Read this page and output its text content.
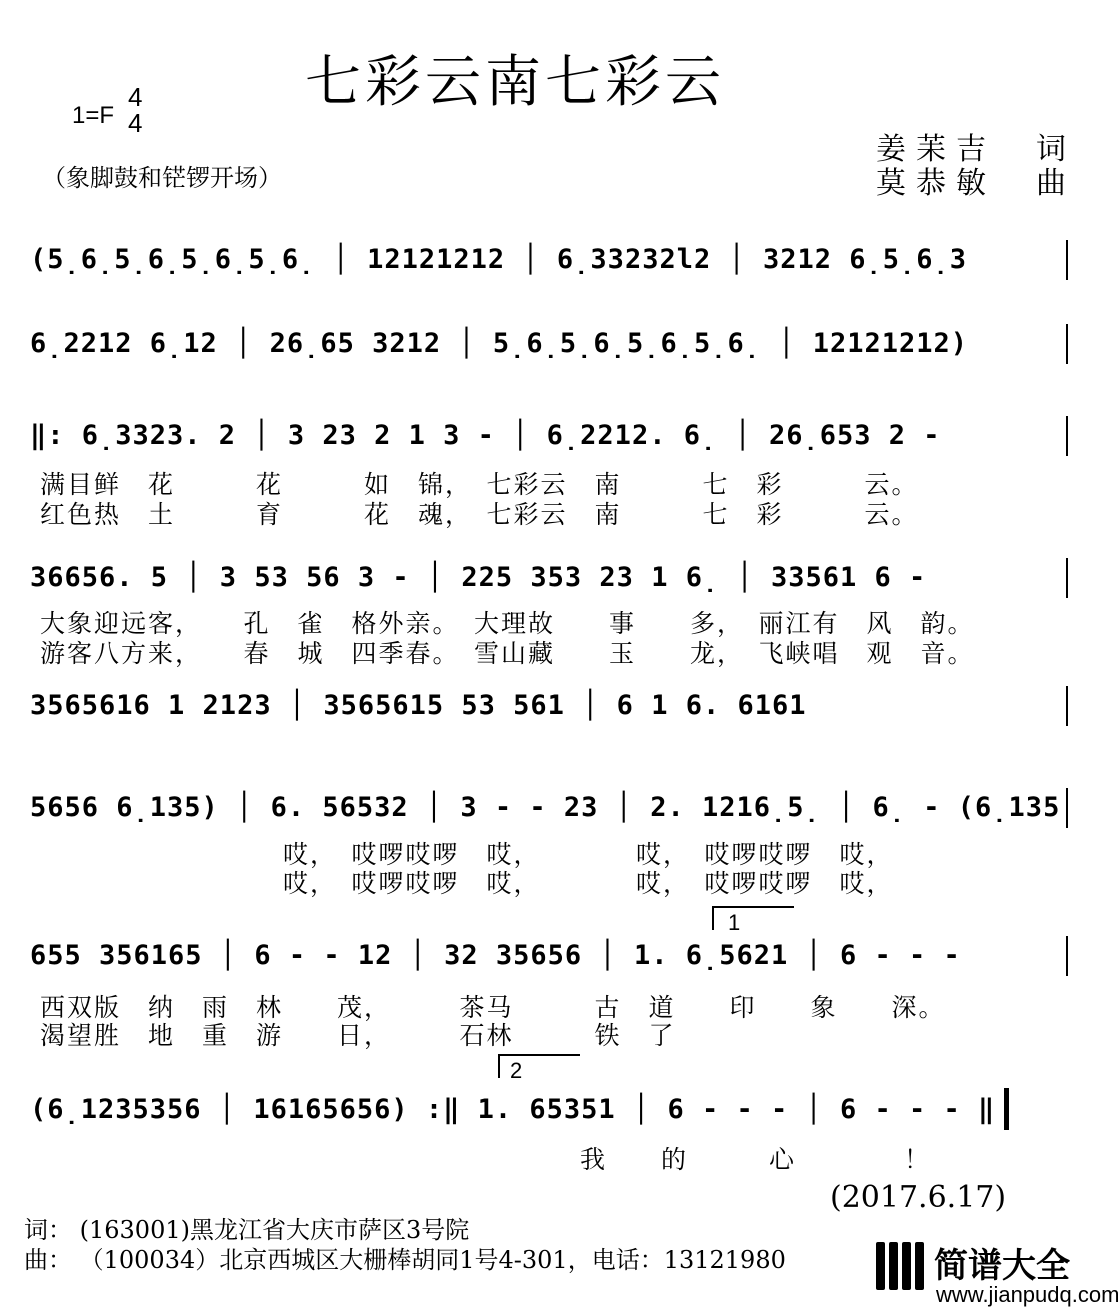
七彩云南七彩云
1=F
4
4
姜苿吉　词
莫恭敏　曲
（象脚鼓和铓锣开场）
(5̣6̣5̣6̣5̣6̣5̣6̣ │ 12121212 │ 6̣33232l2 │ 3212 6̣5̣6̣3
6̣2212 6̣12 │ 26̣65 3212 │ 5̣6̣5̣6̣5̣6̣5̣6̣ │ 12121212)
‖: 6̣3323. 2 │ 3 23 2 1 3 - │ 6̣2212. 6̣ │ 26̣653 2 -
满目鲜　花　　　花　　　如　锦，　七彩云　南　　　七　彩　　　云。
红色热　土　　　育　　　花　魂，　七彩云　南　　　七　彩　　　云。
36656. 5 │ 3 53 56 3 - │ 225 353 23 1 6̣ │ 33561 6 -
大象迎远客，　　孔　雀　格外亲。　大理故　　事　　多，　丽江有　风　韵。
游客八方来，　　春　城　四季春。　雪山藏　　玉　　龙，　飞峡唱　观　音。
3565616 1 2123 │ 3565615 53 561 │ 6 1 6. 6161
5656 6̣135) │ 6. 56532 │ 3 - - 23 │ 2. 1216̣5̣ │ 6̣ - (6̣135
　　　　　　　　　哎，　哎啰哎啰　哎，　　　　哎，　哎啰哎啰　哎，
　　　　　　　　　哎，　哎啰哎啰　哎，　　　　哎，　哎啰哎啰　哎，
1
655 356165 │ 6 - - 12 │ 32 35656 │ 1. 6̣5621 │ 6 - - -
西双版　纳　雨　林　　茂，　　　茶马　　　古　道　　印　　象　　深。
渴望胜　地　重　游　　日，　　　石林　　　铁　了
2
(6̣1235356 │ 16165656) :‖ 1. 65351 │ 6 - - - │ 6 - - - ‖
　　　　　　　　　　　　　　　　　　　　我　　的　　　心　　　　！
(2017.6.17)
词： (163001)黑龙江省大庆市萨区3号院
曲： （100034）北京西城区大栅棒胡同1号4-301，电话：13121980	简谱大全
www.jianpudq.com
